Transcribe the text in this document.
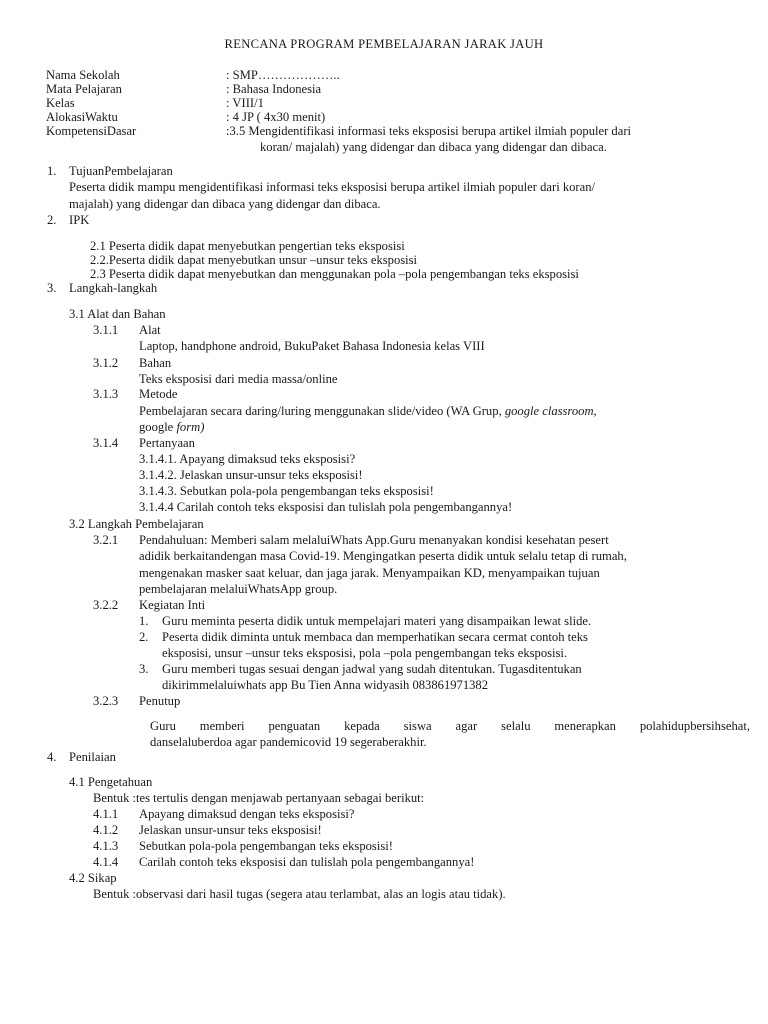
RENCANA PROGRAM PEMBELAJARAN JARAK JAUH
Nama Sekolah	: SMP………………..
Mata Pelajaran	: Bahasa Indonesia
Kelas	: VIII/1
AlokasiWaktu	: 4 JP ( 4x30 menit)
KompetensiDasar	:3.5 Mengidentifikasi informasi teks eksposisi berupa artikel ilmiah populer dari
koran/ majalah) yang didengar dan dibaca yang didengar dan dibaca.
1. TujuanPembelajaran
Peserta didik mampu mengidentifikasi informasi teks eksposisi berupa artikel ilmiah populer dari koran/
majalah) yang didengar dan dibaca yang didengar dan dibaca.
2. IPK
2.1 Peserta didik dapat menyebutkan pengertian teks eksposisi
2.2.Peserta didik dapat menyebutkan unsur –unsur teks eksposisi
2.3 Peserta didik dapat menyebutkan dan menggunakan pola –pola pengembangan teks eksposisi
3. Langkah-langkah
3.1 Alat dan Bahan
3.1.1 Alat
Laptop, handphone android, BukuPaket Bahasa Indonesia kelas VIII
3.1.2 Bahan
Teks eksposisi dari media massa/online
3.1.3 Metode
Pembelajaran secara daring/luring menggunakan slide/video (WA Grup, google classroom,
google form)
3.1.4 Pertanyaan
3.1.4.1. Apayang dimaksud teks eksposisi?
3.1.4.2. Jelaskan unsur-unsur teks eksposisi!
3.1.4.3. Sebutkan pola-pola pengembangan teks eksposisi!
3.1.4.4 Carilah contoh teks eksposisi dan tulislah pola pengembangannya!
3.2 Langkah Pembelajaran
3.2.1 Pendahuluan: Memberi salam melaluiWhats App.Guru menanyakan kondisi kesehatan pesert
adidik berkaitandengan masa Covid-19. Mengingatkan peserta didik untuk selalu tetap di rumah,
mengenakan masker saat keluar, dan jaga jarak. Menyampaikan KD, menyampaikan tujuan
pembelajaran melaluiWhatsApp group.
3.2.2 Kegiatan Inti
1. Guru meminta peserta didik untuk mempelajari materi yang disampaikan lewat slide.
2. Peserta didik diminta untuk membaca dan memperhatikan secara cermat contoh teks
eksposisi, unsur –unsur teks eksposisi, pola –pola pengembangan teks eksposisi.
3. Guru memberi tugas sesuai dengan jadwal yang sudah ditentukan. Tugasditentukan
dikirimmelaluiwhats app Bu Tien Anna widyasih 083861971382
3.2.3 Penutup
Guru memberi penguatan kepada siswa agar selalu menerapkan polahidupbersihsehat,
danselaluberdoa agar pandemicovid 19 segeraberakhir.
4. Penilaian
4.1 Pengetahuan
Bentuk :tes tertulis dengan menjawab pertanyaan sebagai berikut:
4.1.1 Apayang dimaksud dengan teks eksposisi?
4.1.2 Jelaskan unsur-unsur teks eksposisi!
4.1.3 Sebutkan pola-pola pengembangan teks eksposisi!
4.1.4 Carilah contoh teks eksposisi dan tulislah pola pengembangannya!
4.2 Sikap
Bentuk :observasi dari hasil tugas (segera atau terlambat, alas an logis atau tidak).
